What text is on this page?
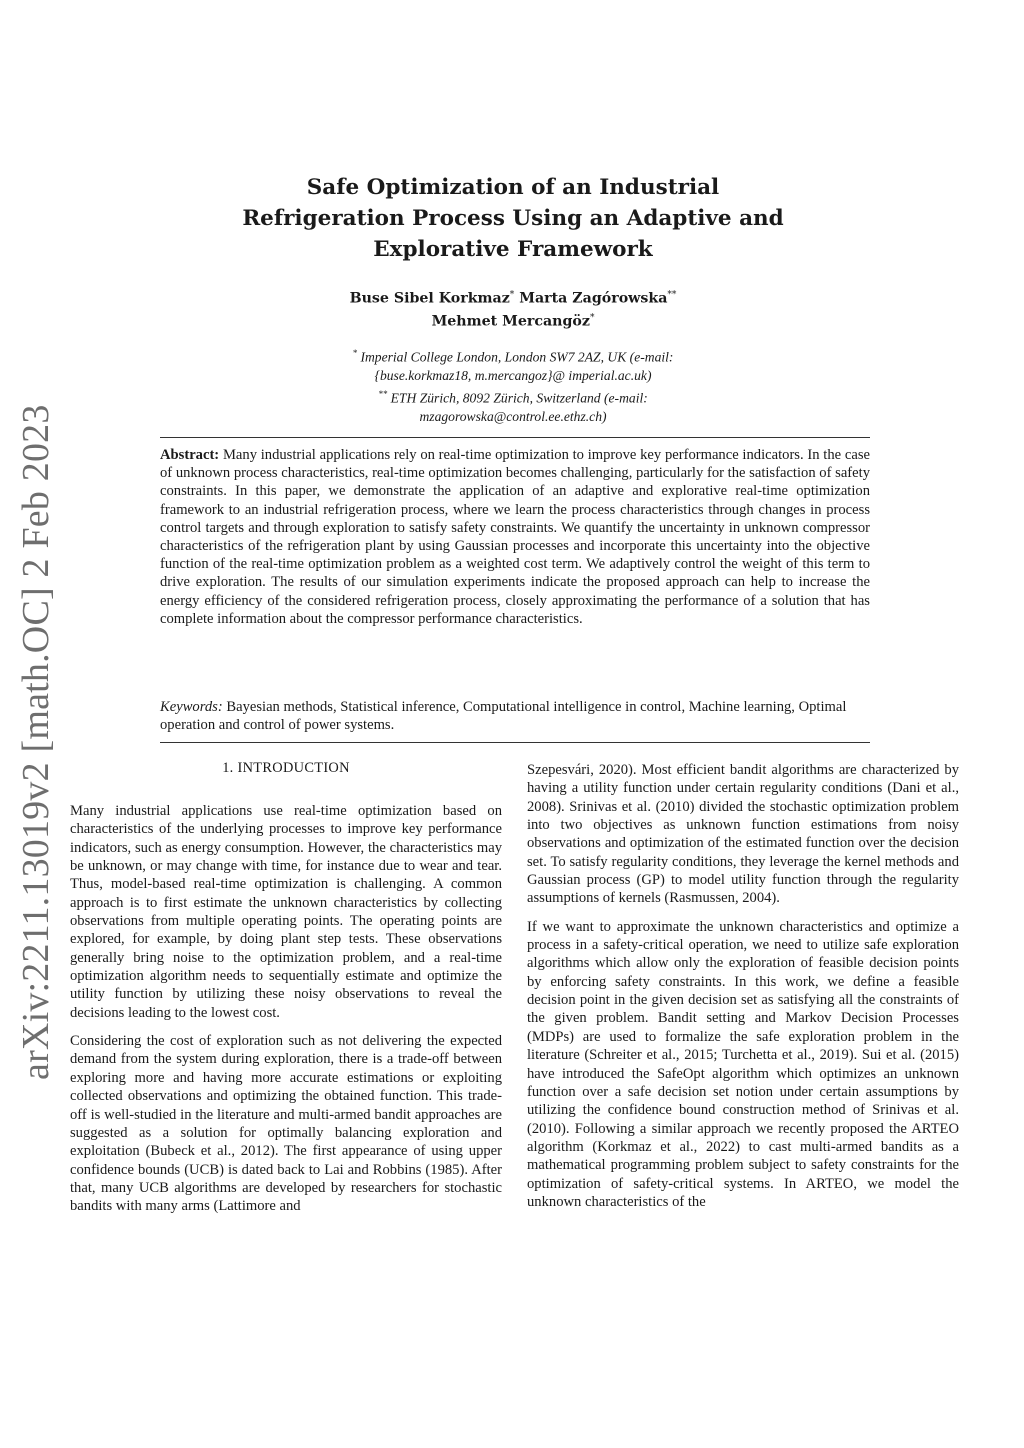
arXiv:2211.13019v2 [math.OC] 2 Feb 2023
Safe Optimization of an Industrial Refrigeration Process Using an Adaptive and Explorative Framework
Buse Sibel Korkmaz* Marta Zagórowska**
Mehmet Mercangöz*
* Imperial College London, London SW7 2AZ, UK (e-mail:
{buse.korkmaz18, m.mercangoz}@ imperial.ac.uk)
** ETH Zürich, 8092 Zürich, Switzerland (e-mail:
mzagorowska@control.ee.ethz.ch)
Abstract: Many industrial applications rely on real-time optimization to improve key performance indicators. In the case of unknown process characteristics, real-time optimization becomes challenging, particularly for the satisfaction of safety constraints. In this paper, we demonstrate the application of an adaptive and explorative real-time optimization framework to an industrial refrigeration process, where we learn the process characteristics through changes in process control targets and through exploration to satisfy safety constraints. We quantify the uncertainty in unknown compressor characteristics of the refrigeration plant by using Gaussian processes and incorporate this uncertainty into the objective function of the real-time optimization problem as a weighted cost term. We adaptively control the weight of this term to drive exploration. The results of our simulation experiments indicate the proposed approach can help to increase the energy efficiency of the considered refrigeration process, closely approximating the performance of a solution that has complete information about the compressor performance characteristics.
Keywords: Bayesian methods, Statistical inference, Computational intelligence in control, Machine learning, Optimal operation and control of power systems.
1. INTRODUCTION

Many industrial applications use real-time optimization based on characteristics of the underlying processes to improve key performance indicators, such as energy consumption. However, the characteristics may be unknown, or may change with time, for instance due to wear and tear. Thus, model-based real-time optimization is challenging. A common approach is to first estimate the unknown characteristics by collecting observations from multiple operating points. The operating points are explored, for example, by doing plant step tests. These observations generally bring noise to the optimization problem, and a real-time optimization algorithm needs to sequentially estimate and optimize the utility function by utilizing these noisy observations to reveal the decisions leading to the lowest cost.

Considering the cost of exploration such as not delivering the expected demand from the system during exploration, there is a trade-off between exploring more and having more accurate estimations or exploiting collected observations and optimizing the obtained function. This trade-off is well-studied in the literature and multi-armed bandit approaches are suggested as a solution for optimally balancing exploration and exploitation (Bubeck et al., 2012). The first appearance of using upper confidence bounds (UCB) is dated back to Lai and Robbins (1985). After that, many UCB algorithms are developed by researchers for stochastic bandits with many arms (Lattimore and

Szepesvári, 2020). Most efficient bandit algorithms are characterized by having a utility function under certain regularity conditions (Dani et al., 2008). Srinivas et al. (2010) divided the stochastic optimization problem into two objectives as unknown function estimations from noisy observations and optimization of the estimated function over the decision set. To satisfy regularity conditions, they leverage the kernel methods and Gaussian process (GP) to model utility function through the regularity assumptions of kernels (Rasmussen, 2004).

If we want to approximate the unknown characteristics and optimize a process in a safety-critical operation, we need to utilize safe exploration algorithms which allow only the exploration of feasible decision points by enforcing safety constraints. In this work, we define a feasible decision point in the given decision set as satisfying all the constraints of the given problem. Bandit setting and Markov Decision Processes (MDPs) are used to formalize the safe exploration problem in the literature (Schreiter et al., 2015; Turchetta et al., 2019). Sui et al. (2015) have introduced the SafeOpt algorithm which optimizes an unknown function over a safe decision set notion under certain assumptions by utilizing the confidence bound construction method of Srinivas et al. (2010). Following a similar approach we recently proposed the ARTEO algorithm (Korkmaz et al., 2022) to cast multi-armed bandits as a mathematical programming problem subject to safety constraints for the optimization of safety-critical systems. In ARTEO, we model the unknown characteristics of the
